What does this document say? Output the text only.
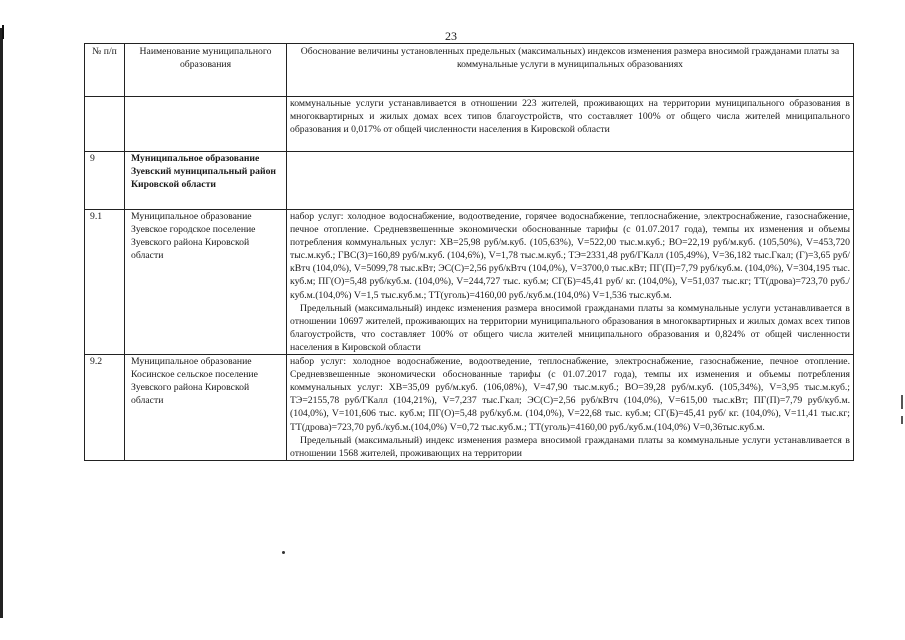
23
№ п/п	Наименование муниципального образования	Обоснование величины установленных предельных (максимальных) индексов изменения размера вносимой гражданами платы за коммунальные услуги в муниципальных образованиях
		коммунальные услуги устанавливается в отношении 223 жителей, проживающих на территории муниципального образования в многоквартирных и жилых домах всех типов благоустройств, что составляет 100% от общего числа жителей мниципального образования и 0,017% от общей численности населения в Кировской области
9	Муниципальное образование Зуевский муниципальный район Кировской области	
9.1	Муниципальное образование Зуевское городское поселение Зуевского района Кировской области	набор услуг: холодное водоснабжение, водоотведение, горячее водоснабжение, теплоснабжение, электроснабжение, газоснабжение, печное отопление. Средневзвешенные экономически обоснованные тарифы (с 01.07.2017 года), темпы их изменения и объемы потребления коммунальных услуг: ХВ=25,98 руб/м.куб. (105,63%), V=522,00 тыс.м.куб.; ВО=22,19 руб/м.куб. (105,50%), V=453,720 тыс.м.куб.; ГВС(З)=160,89 руб/м.куб. (104,6%), V=1,78 тыс.м.куб.; ТЭ=2331,48 руб/ГКалл (105,49%), V=36,182 тыс.Гкал; (Г)=3,65 руб/кВтч (104,0%), V=5099,78 тыс.кВт; ЭС(С)=2,56 руб/кВтч (104,0%), V=3700,0 тыс.кВт; ПГ(П)=7,79 руб/куб.м. (104,0%), V=304,195 тыс. куб.м; ПГ(О)=5,48 руб/куб.м. (104,0%), V=244,727 тыс. куб.м; СГ(Б)=45,41 руб/ кг. (104,0%), V=51,037 тыс.кг; ТТ(дрова)=723,70 руб./куб.м.(104,0%) V=1,5 тыс.куб.м.; ТТ(уголь)=4160,00 руб./куб.м.(104,0%) V=1,536 тыс.куб.м.
Предельный (максимальный) индекс изменения размера вносимой гражданами платы за коммунальные услуги устанавливается в отношении 10697 жителей, проживающих на территории муниципального образования в многоквартирных и жилых домах всех типов благоустройств, что составляет 100% от общего числа жителей мниципального образования и 0,824% от общей численности населения в Кировской области

9.2	Муниципальное образование Косинское сельское поселение Зуевского района Кировской области	набор услуг: холодное водоснабжение, водоотведение, теплоснабжение, электроснабжение, газоснабжение, печное отопление. Средневзвешенные экономически обоснованные тарифы (с 01.07.2017 года), темпы их изменения и объемы потребления коммунальных услуг: ХВ=35,09 руб/м.куб. (106,08%), V=47,90 тыс.м.куб.; ВО=39,28 руб/м.куб. (105,34%), V=3,95 тыс.м.куб.; ТЭ=2155,78 руб/ГКалл (104,21%), V=7,237 тыс.Гкал; ЭС(С)=2,56 руб/кВтч (104,0%), V=615,00 тыс.кВт; ПГ(П)=7,79 руб/куб.м. (104,0%), V=101,606 тыс. куб.м; ПГ(О)=5,48 руб/куб.м. (104,0%), V=22,68 тыс. куб.м; СГ(Б)=45,41 руб/ кг. (104,0%), V=11,41 тыс.кг; ТТ(дрова)=723,70 руб./куб.м.(104,0%) V=0,72 тыс.куб.м.; ТТ(уголь)=4160,00 руб./куб.м.(104,0%) V=0,36тыс.куб.м.
Предельный (максимальный) индекс изменения размера вносимой гражданами платы за коммунальные услуги устанавливается в отношении 1568 жителей, проживающих на территории
